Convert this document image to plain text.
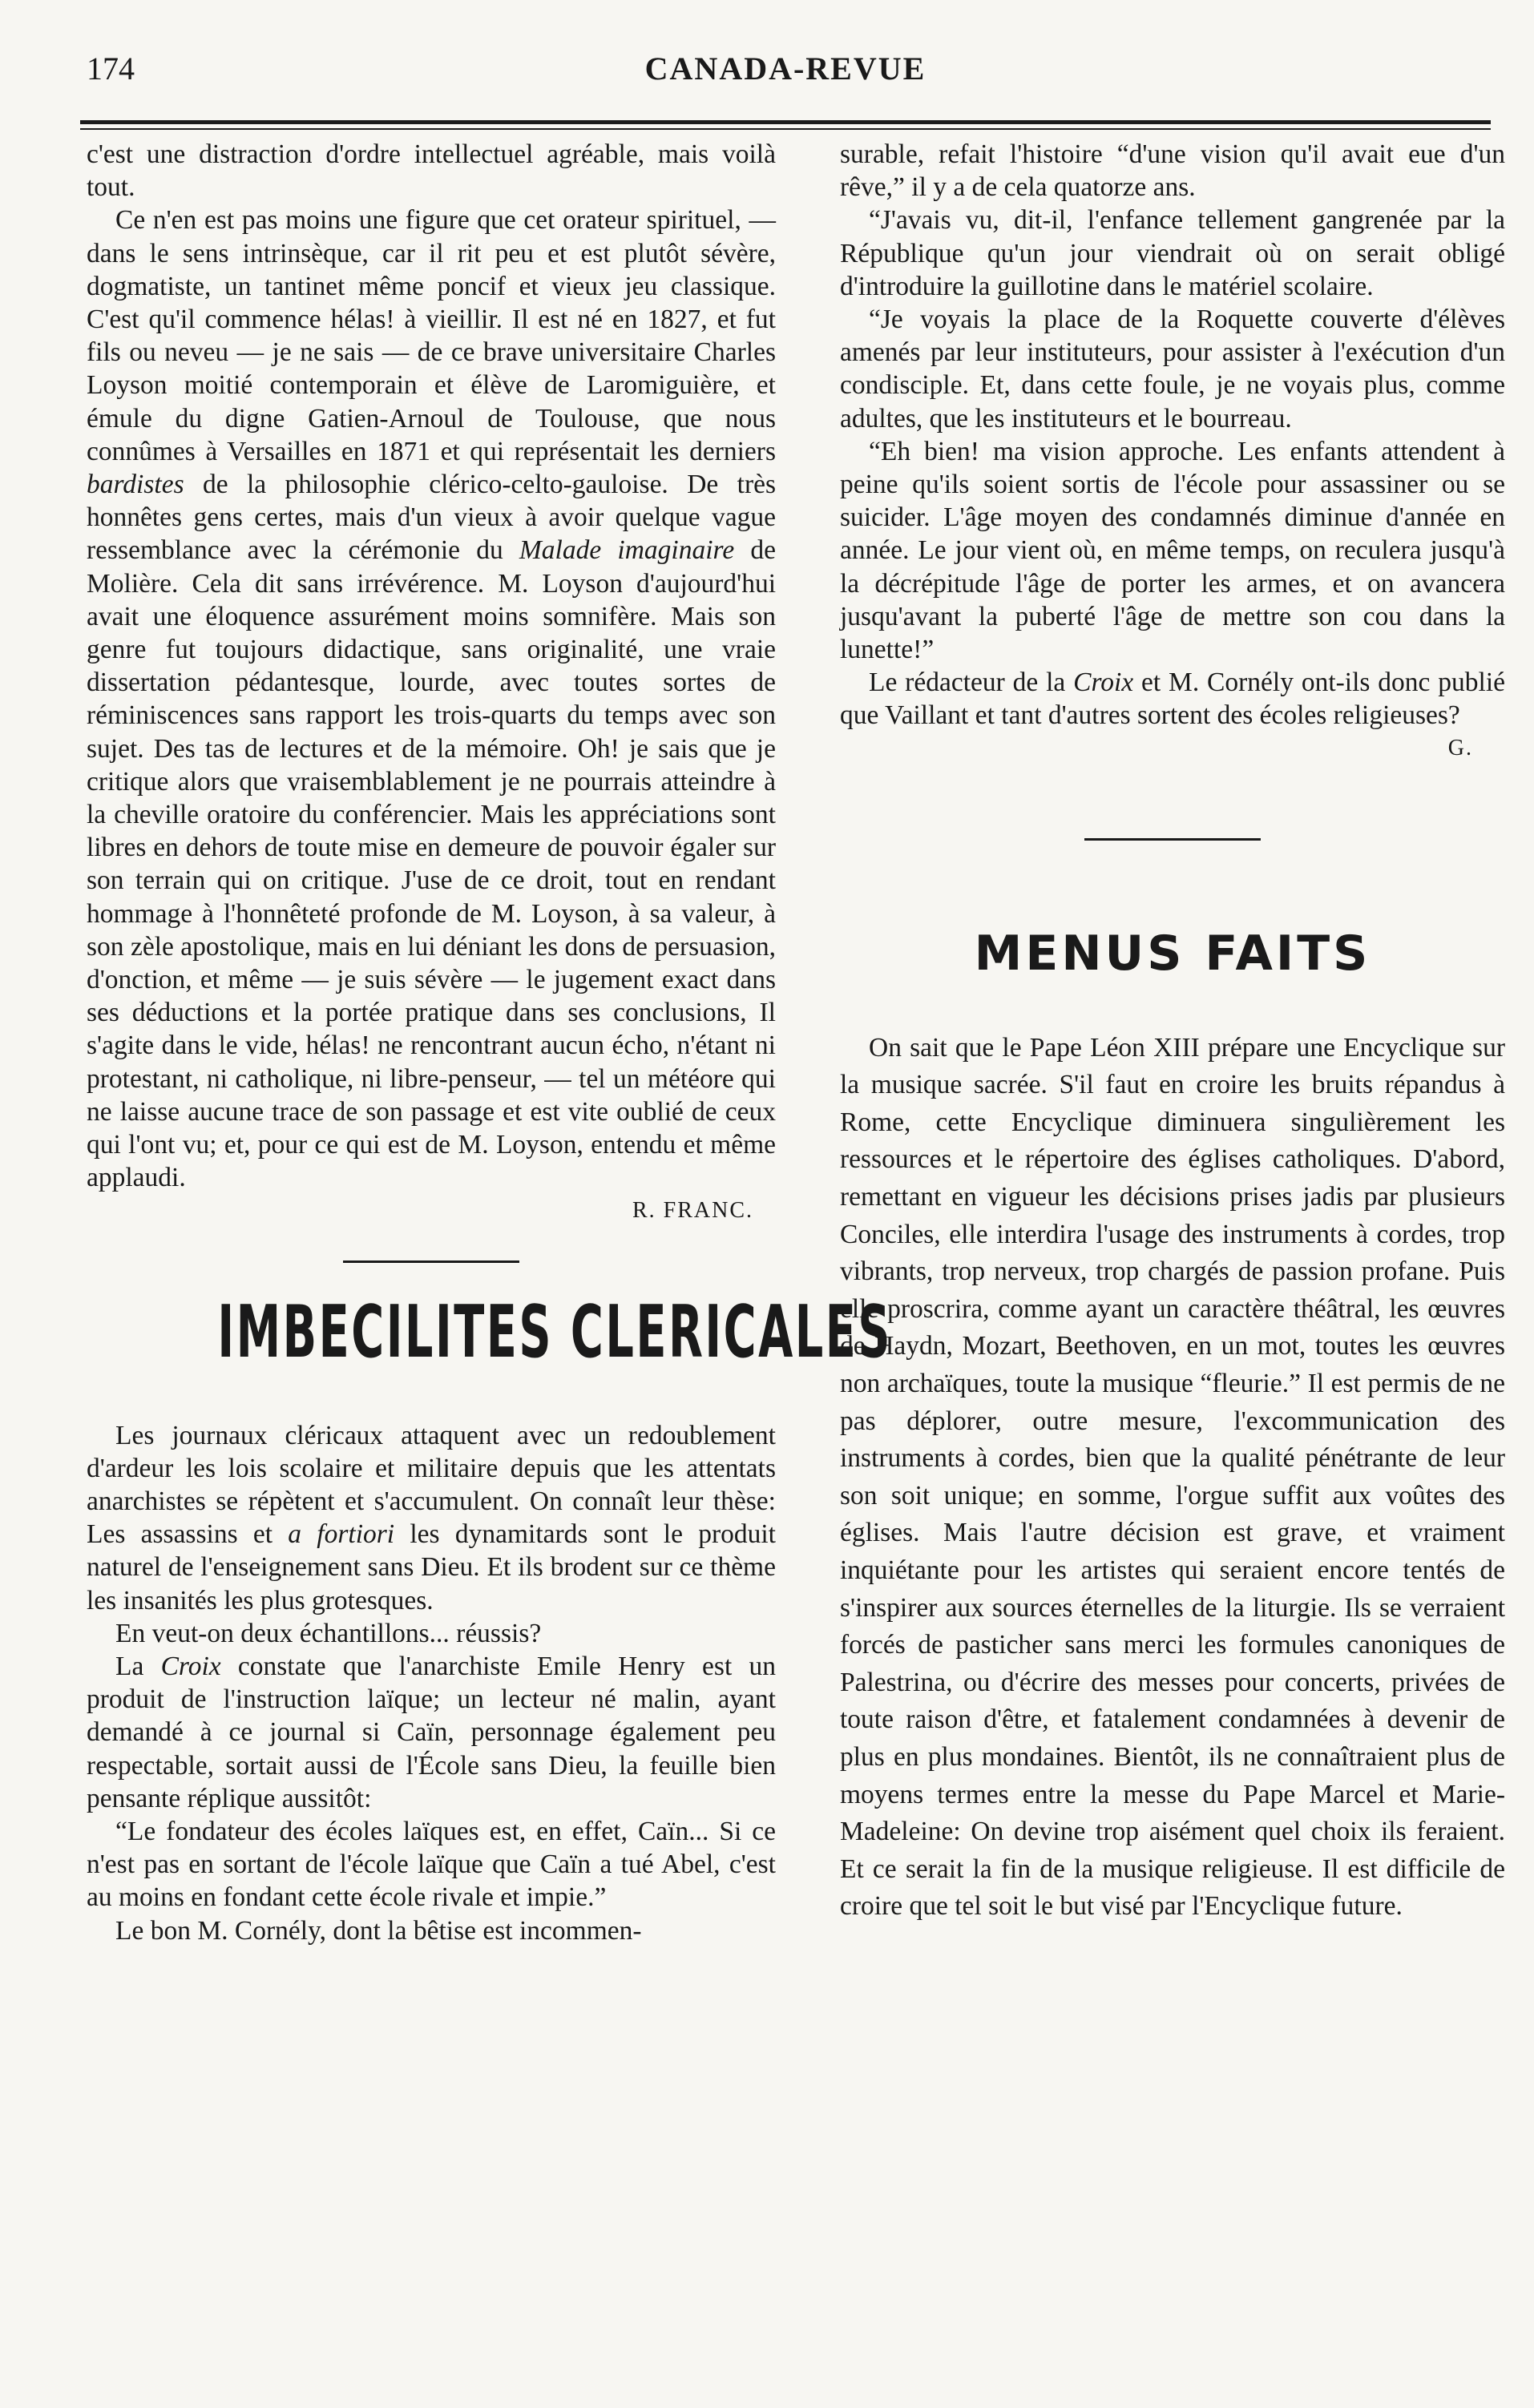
174	CANADA-REVUE

c'est une distraction d'ordre intellectuel agréable, mais voilà tout.

Ce n'en est pas moins une figure que cet orateur spirituel, — dans le sens intrinsèque, car il rit peu et est plutôt sévère, dogmatiste, un tantinet même poncif et vieux jeu classique. C'est qu'il commence hélas! à vieillir. Il est né en 1827, et fut fils ou neveu — je ne sais — de ce brave universitaire Charles Loyson moitié contemporain et élève de Laromiguière, et émule du digne Gatien-Arnoul de Toulouse, que nous connûmes à Versailles en 1871 et qui représentait les derniers bardistes de la philosophie clérico-celto-gauloise. De très honnêtes gens certes, mais d'un vieux à avoir quelque vague ressemblance avec la cérémonie du Malade imaginaire de Molière. Cela dit sans irrévérence. M. Loyson d'aujourd'hui avait une éloquence assurément moins somnifère. Mais son genre fut toujours didactique, sans originalité, une vraie dissertation pédantesque, lourde, avec toutes sortes de réminiscences sans rapport les trois-quarts du temps avec son sujet. Des tas de lectures et de la mémoire. Oh! je sais que je critique alors que vraisemblablement je ne pourrais atteindre à la cheville oratoire du conférencier. Mais les appréciations sont libres en dehors de toute mise en demeure de pouvoir égaler sur son terrain qui on critique. J'use de ce droit, tout en rendant hommage à l'honnêteté profonde de M. Loyson, à sa valeur, à son zèle apostolique, mais en lui déniant les dons de persuasion, d'onction, et même — je suis sévère — le jugement exact dans ses déductions et la portée pratique dans ses conclusions, Il s'agite dans le vide, hélas! ne rencontrant aucun écho, n'étant ni protestant, ni catholique, ni libre-penseur, — tel un météore qui ne laisse aucune trace de son passage et est vite oublié de ceux qui l'ont vu; et, pour ce qui est de M. Loyson, entendu et même applaudi.

R. FRANC.
IMBECILITES CLERICALES

Les journaux cléricaux attaquent avec un redoublement d'ardeur les lois scolaire et militaire depuis que les attentats anarchistes se répètent et s'accumulent. On connaît leur thèse: Les assassins et a fortiori les dynamitards sont le produit naturel de l'enseignement sans Dieu. Et ils brodent sur ce thème les insanités les plus grotesques.

En veut-on deux échantillons... réussis?

La Croix constate que l'anarchiste Emile Henry est un produit de l'instruction laïque; un lecteur né malin, ayant demandé à ce journal si Caïn, personnage également peu respectable, sortait aussi de l'École sans Dieu, la feuille bien pensante réplique aussitôt:

“Le fondateur des écoles laïques est, en effet, Caïn... Si ce n'est pas en sortant de l'école laïque que Caïn a tué Abel, c'est au moins en fondant cette école rivale et impie.”

Le bon M. Cornély, dont la bêtise est incommen-

surable, refait l'histoire “d'une vision qu'il avait eue d'un rêve,” il y a de cela quatorze ans.

“J'avais vu, dit-il, l'enfance tellement gangrenée par la République qu'un jour viendrait où on serait obligé d'introduire la guillotine dans le matériel scolaire.

“Je voyais la place de la Roquette couverte d'élèves amenés par leur instituteurs, pour assister à l'exécution d'un condisciple. Et, dans cette foule, je ne voyais plus, comme adultes, que les instituteurs et le bourreau.

“Eh bien! ma vision approche. Les enfants attendent à peine qu'ils soient sortis de l'école pour assassiner ou se suicider. L'âge moyen des condamnés diminue d'année en année. Le jour vient où, en même temps, on reculera jusqu'à la décrépitude l'âge de porter les armes, et on avancera jusqu'avant la puberté l'âge de mettre son cou dans la lunette!”

Le rédacteur de la Croix et M. Cornély ont-ils donc publié que Vaillant et tant d'autres sortent des écoles religieuses?

G.
MENUS FAITS

On sait que le Pape Léon XIII prépare une Encyclique sur la musique sacrée. S'il faut en croire les bruits répandus à Rome, cette Encyclique diminuera singulièrement les ressources et le répertoire des églises catholiques. D'abord, remettant en vigueur les décisions prises jadis par plusieurs Conciles, elle interdira l'usage des instruments à cordes, trop vibrants, trop nerveux, trop chargés de passion profane. Puis elle proscrira, comme ayant un caractère théâtral, les œuvres de Haydn, Mozart, Beethoven, en un mot, toutes les œuvres non archaïques, toute la musique “fleurie.” Il est permis de ne pas déplorer, outre mesure, l'excommunication des instruments à cordes, bien que la qualité pénétrante de leur son soit unique; en somme, l'orgue suffit aux voûtes des églises. Mais l'autre décision est grave, et vraiment inquiétante pour les artistes qui seraient encore tentés de s'inspirer aux sources éternelles de la liturgie. Ils se verraient forcés de pasticher sans merci les formules canoniques de Palestrina, ou d'écrire des messes pour concerts, privées de toute raison d'être, et fatalement condamnées à devenir de plus en plus mondaines. Bientôt, ils ne connaîtraient plus de moyens termes entre la messe du Pape Marcel et Marie-Madeleine: On devine trop aisément quel choix ils feraient. Et ce serait la fin de la musique religieuse. Il est difficile de croire que tel soit le but visé par l'Encyclique future.
